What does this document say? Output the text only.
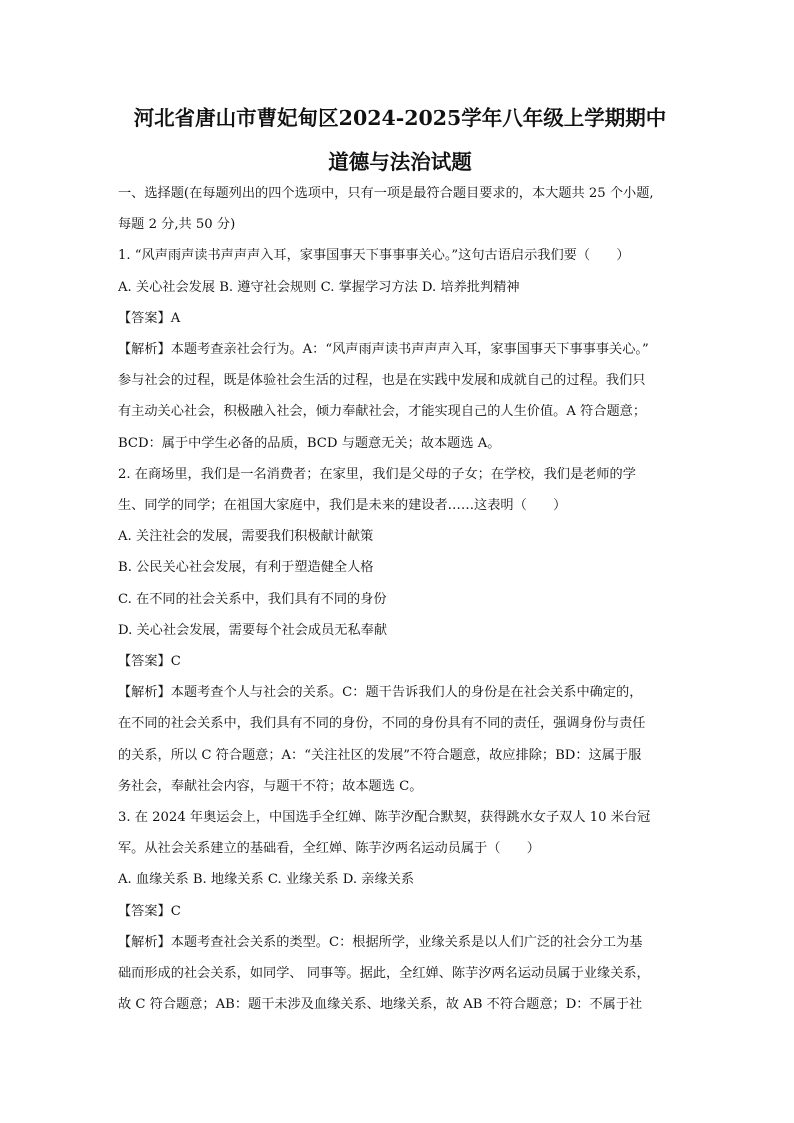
河北省唐山市曹妃甸区2024-2025学年八年级上学期期中
道德与法治试题

一、选择题(在每题列出的四个选项中，只有一项是最符合题目要求的，本大题共 25 个小题,

每题 2 分,共 50 分)

1. “风声雨声读书声声声入耳，家事国事天下事事事关心。”这句古语启示我们要（　　）

A. 关心社会发展 B. 遵守社会规则 C. 掌握学习方法 D. 培养批判精神

【答案】A

【解析】本题考查亲社会行为。A：“风声雨声读书声声声入耳，家事国事天下事事事关心。”

参与社会的过程，既是体验社会生活的过程，也是在实践中发展和成就自己的过程。我们只

有主动关心社会，积极融入社会，倾力奉献社会，才能实现自己的人生价值。A 符合题意；

BCD：属于中学生必备的品质，BCD 与题意无关；故本题选 A。

2. 在商场里，我们是一名消费者；在家里，我们是父母的子女；在学校，我们是老师的学

生、同学的同学；在祖国大家庭中，我们是未来的建设者……这表明（　　）

A. 关注社会的发展，需要我们积极献计献策

B. 公民关心社会发展，有利于塑造健全人格

C. 在不同的社会关系中，我们具有不同的身份

D. 关心社会发展，需要每个社会成员无私奉献

【答案】C

【解析】本题考查个人与社会的关系。C：题干告诉我们人的身份是在社会关系中确定的，

在不同的社会关系中，我们具有不同的身份，不同的身份具有不同的责任，强调身份与责任

的关系，所以 C 符合题意；A：“关注社区的发展”不符合题意，故应排除；BD：这属于服

务社会，奉献社会内容，与题干不符；故本题选 C。

3. 在 2024 年奥运会上，中国选手全红婵、陈芋汐配合默契，获得跳水女子双人 10 米台冠

军。从社会关系建立的基础看，全红婵、陈芋汐两名运动员属于（　　）

A. 血缘关系 B. 地缘关系 C. 业缘关系 D. 亲缘关系

【答案】C

【解析】本题考查社会关系的类型。C：根据所学，业缘关系是以人们广泛的社会分工为基

础而形成的社会关系，如同学、 同事等。据此，全红婵、陈芋汐两名运动员属于业缘关系，

故 C 符合题意；AB：题干未涉及血缘关系、地缘关系，故 AB 不符合题意；D：不属于社
